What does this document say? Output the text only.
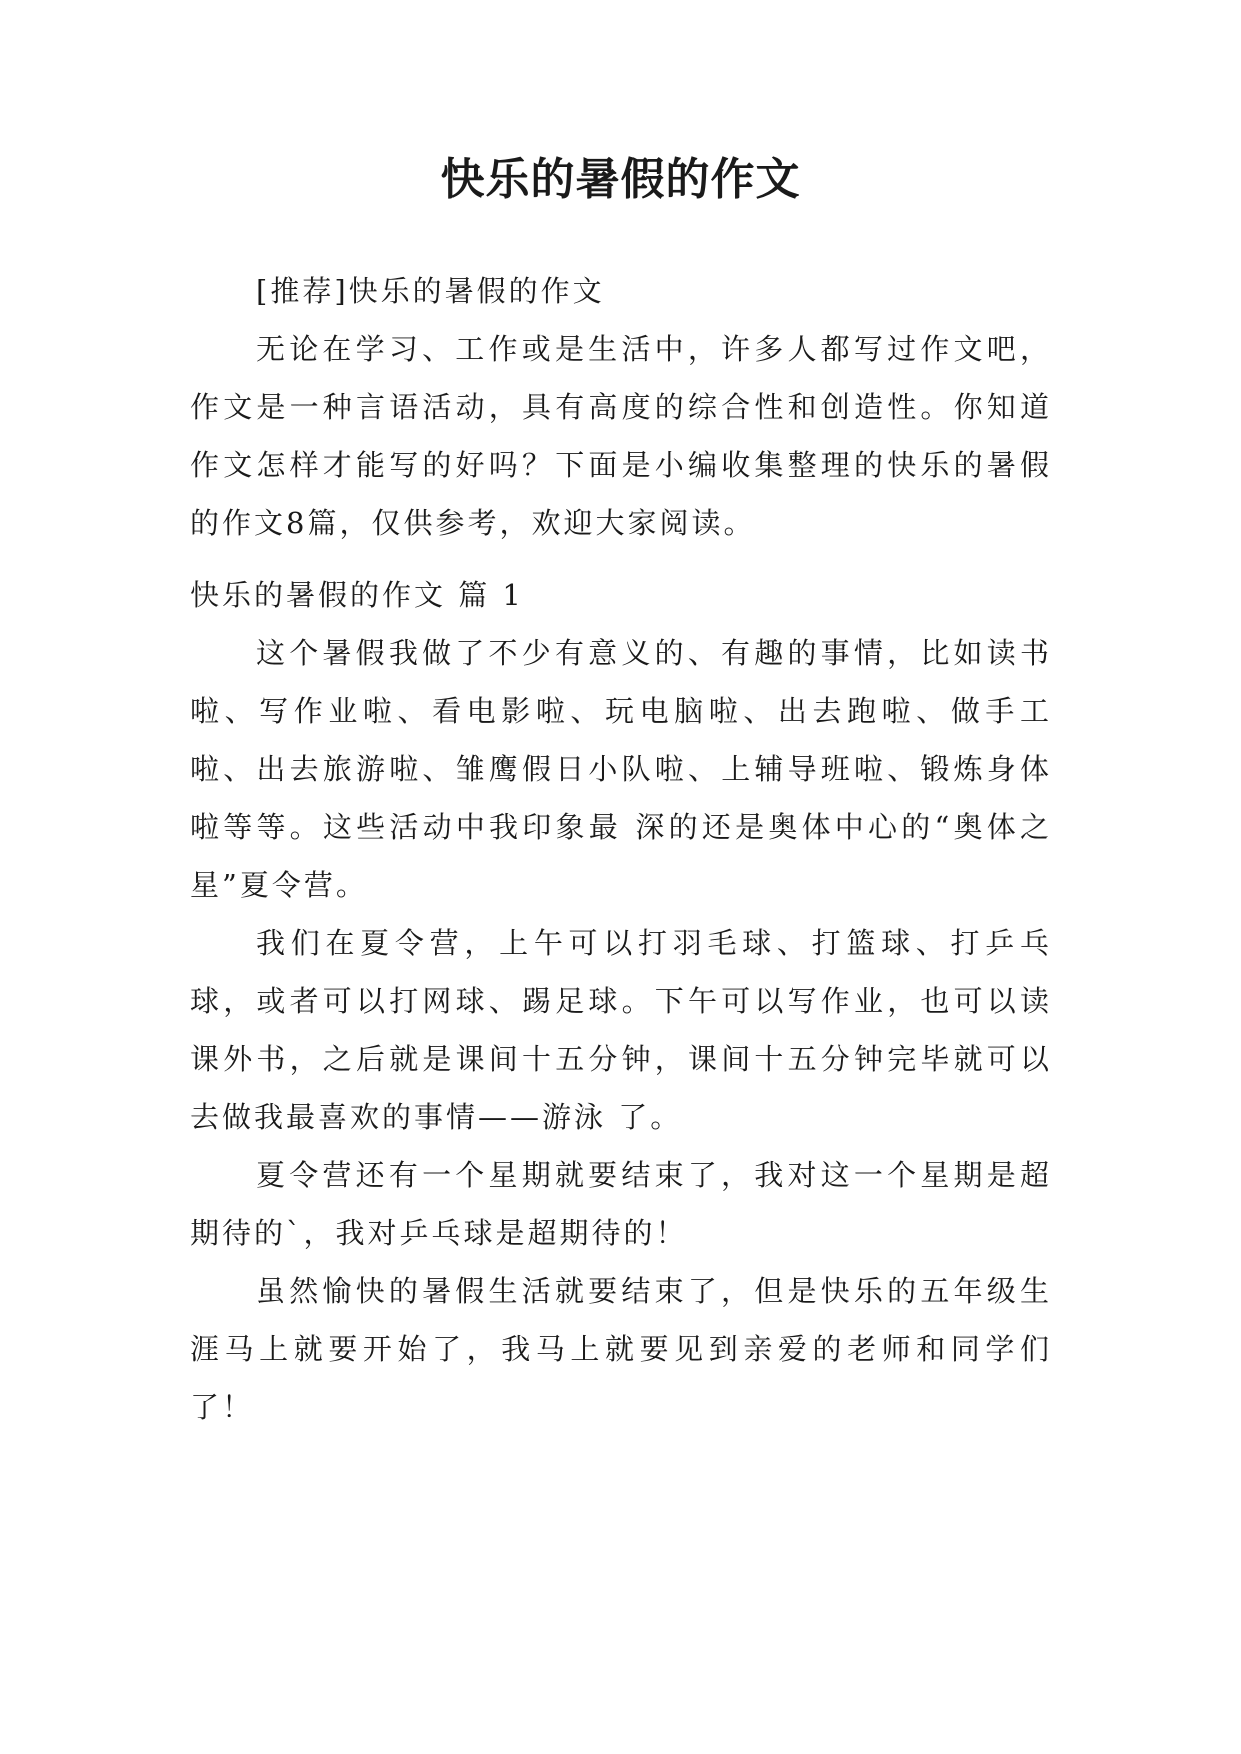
快乐的暑假的作文

[推荐]快乐的暑假的作文

无论在学习、工作或是生活中，许多人都写过作文吧，作文是一种言语活动，具有高度的综合性和创造性。你知道作文怎样才能写的好吗？下面是小编收集整理的快乐的暑假的作文8篇，仅供参考，欢迎大家阅读。

快乐的暑假的作文 篇 1

这个暑假我做了不少有意义的、有趣的事情，比如读书啦、写作业啦、看电影啦、玩电脑啦、出去跑啦、做手工啦、出去旅游啦、雏鹰假日小队啦、上辅导班啦、锻炼身体啦等等。这些活动中我印象最 深的还是奥体中心的“奥体之星”夏令营。

我们在夏令营，上午可以打羽毛球、打篮球、打乒乓球，或者可以打网球、踢足球。下午可以写作业，也可以读课外书，之后就是课间十五分钟，课间十五分钟完毕就可以去做我最喜欢的事情——游泳 了。

夏令营还有一个星期就要结束了，我对这一个星期是超期待的`，我对乒乓球是超期待的！

虽然愉快的暑假生活就要结束了，但是快乐的五年级生涯马上就要开始了，我马上就要见到亲爱的老师和同学们了！
